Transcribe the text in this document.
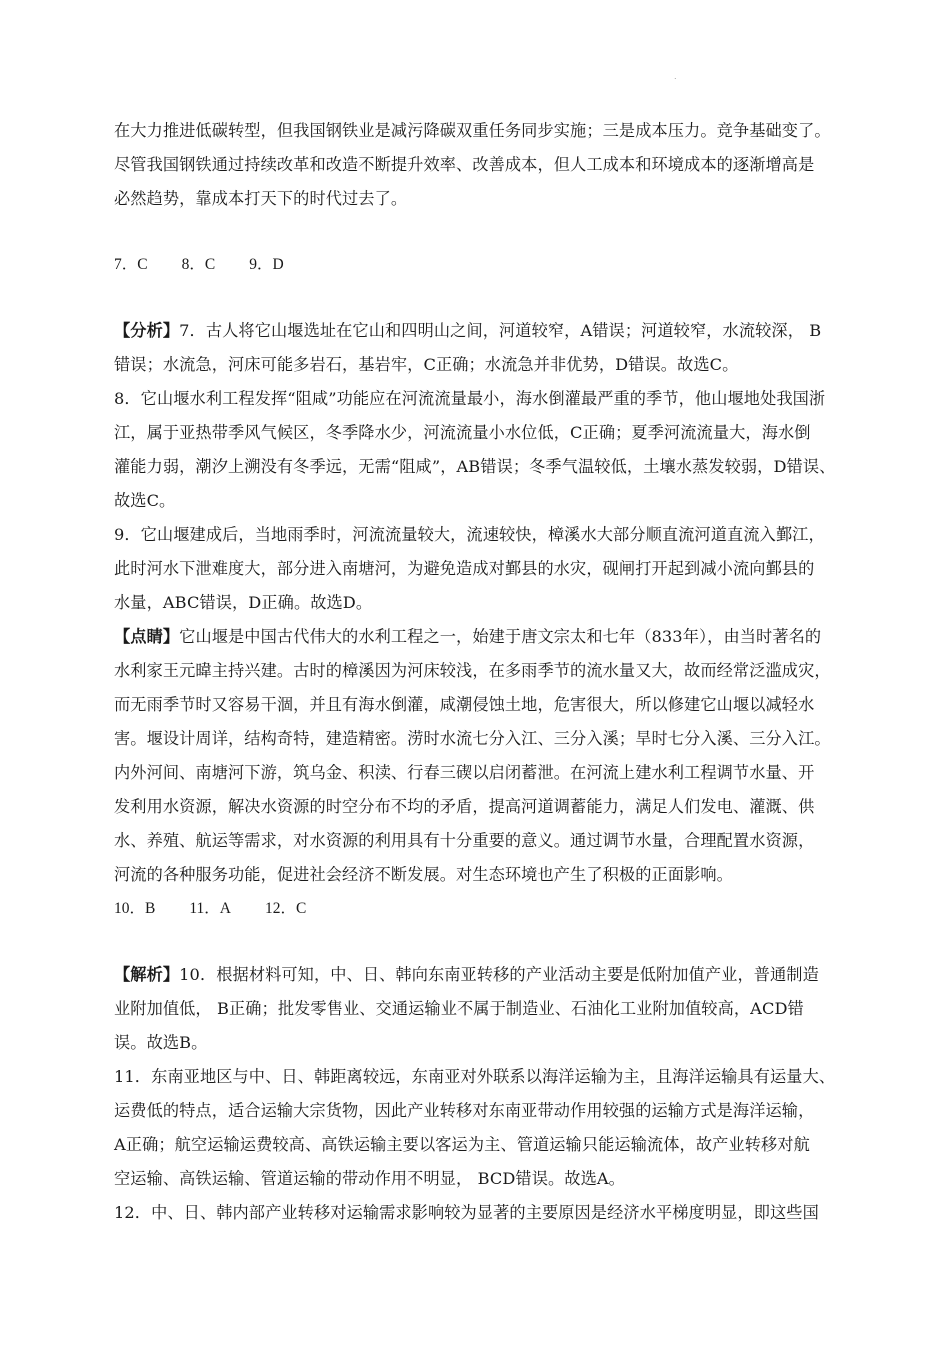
.
在大力推进低碳转型，但我国钢铁业是减污降碳双重任务同步实施；三是成本压力。竞争基础变了。
尽管我国钢铁通过持续改革和改造不断提升效率、改善成本，但人工成本和环境成本的逐渐增高是
必然趋势，靠成本打天下的时代过去了。
7．C 8．C 9．D
【分析】7．古人将它山堰选址在它山和四明山之间，河道较窄，A错误；河道较窄，水流较深， B
错误；水流急，河床可能多岩石，基岩牢，C正确；水流急并非优势，D错误。故选C。
8．它山堰水利工程发挥“阻咸”功能应在河流流量最小，海水倒灌最严重的季节，他山堰地处我国浙
江，属于亚热带季风气候区，冬季降水少，河流流量小水位低，C正确；夏季河流流量大，海水倒
灌能力弱，潮汐上溯没有冬季远，无需“阻咸”，AB错误；冬季气温较低，土壤水蒸发较弱，D错误、
故选C。
9．它山堰建成后，当地雨季时，河流流量较大，流速较快，樟溪水大部分顺直流河道直流入鄞江，
此时河水下泄难度大，部分进入南塘河，为避免造成对鄞县的水灾，砚闸打开起到减小流向鄞县的
水量，ABC错误，D正确。故选D。
【点睛】它山堰是中国古代伟大的水利工程之一，始建于唐文宗太和七年（833年），由当时著名的
水利家王元暐主持兴建。古时的樟溪因为河床较浅，在多雨季节的流水量又大，故而经常泛滥成灾，
而无雨季节时又容易干涸，并且有海水倒灌，咸潮侵蚀土地，危害很大，所以修建它山堰以减轻水
害。堰设计周详，结构奇特，建造精密。涝时水流七分入江、三分入溪；旱时七分入溪、三分入江。
内外河间、南塘河下游，筑乌金、积渎、行春三碶以启闭蓄泄。在河流上建水利工程调节水量、开
发利用水资源，解决水资源的时空分布不均的矛盾，提高河道调蓄能力，满足人们发电、灌溉、供
水、养殖、航运等需求，对水资源的利用具有十分重要的意义。通过调节水量，合理配置水资源，
河流的各种服务功能，促进社会经济不断发展。对生态环境也产生了积极的正面影响。
10．B 11．A 12．C
【解析】10．根据材料可知，中、日、韩向东南亚转移的产业活动主要是低附加值产业，普通制造
业附加值低， B正确；批发零售业、交通运输业不属于制造业、石油化工业附加值较高，ACD错
误。故选B。
11．东南亚地区与中、日、韩距离较远，东南亚对外联系以海洋运输为主，且海洋运输具有运量大、
运费低的特点，适合运输大宗货物，因此产业转移对东南亚带动作用较强的运输方式是海洋运输，
A正确；航空运输运费较高、高铁运输主要以客运为主、管道运输只能运输流体，故产业转移对航
空运输、高铁运输、管道运输的带动作用不明显， BCD错误。故选A。
12．中、日、韩内部产业转移对运输需求影响较为显著的主要原因是经济水平梯度明显，即这些国
